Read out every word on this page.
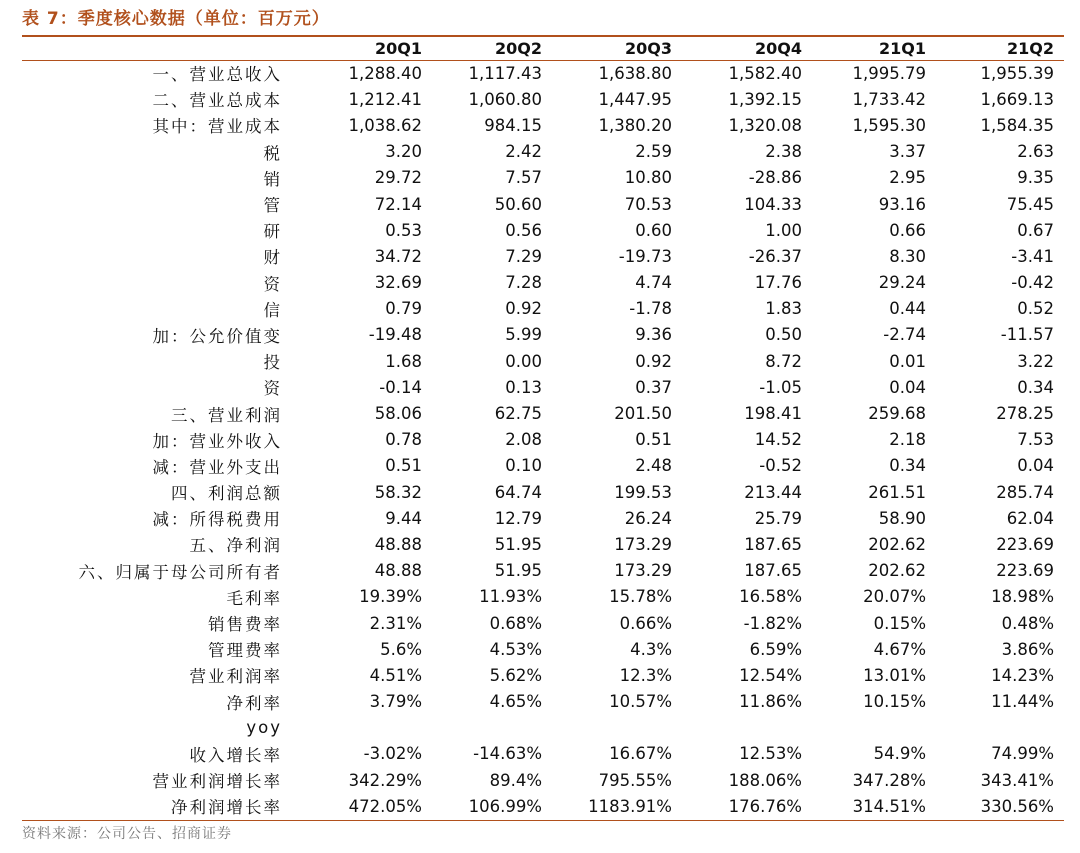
表 7：季度核心数据（单位：百万元）
	20Q1	20Q2	20Q3	20Q4	21Q1	21Q2
一、营业总收入	1,288.40	1,117.43	1,638.80	1,582.40	1,995.79	1,955.39
二、营业总成本	1,212.41	1,060.80	1,447.95	1,392.15	1,733.42	1,669.13
其中：营业成本	1,038.62	984.15	1,380.20	1,320.08	1,595.30	1,584.35
税	3.20	2.42	2.59	2.38	3.37	2.63
销	29.72	7.57	10.80	-28.86	2.95	9.35
管	72.14	50.60	70.53	104.33	93.16	75.45
研	0.53	0.56	0.60	1.00	0.66	0.67
财	34.72	7.29	-19.73	-26.37	8.30	-3.41
资	32.69	7.28	4.74	17.76	29.24	-0.42
信	0.79	0.92	-1.78	1.83	0.44	0.52
加：公允价值变	-19.48	5.99	9.36	0.50	-2.74	-11.57
投	1.68	0.00	0.92	8.72	0.01	3.22
资	-0.14	0.13	0.37	-1.05	0.04	0.34
三、营业利润	58.06	62.75	201.50	198.41	259.68	278.25
加：营业外收入	0.78	2.08	0.51	14.52	2.18	7.53
减：营业外支出	0.51	0.10	2.48	-0.52	0.34	0.04
四、利润总额	58.32	64.74	199.53	213.44	261.51	285.74
减：所得税费用	9.44	12.79	26.24	25.79	58.90	62.04
五、净利润	48.88	51.95	173.29	187.65	202.62	223.69
六、归属于母公司所有者	48.88	51.95	173.29	187.65	202.62	223.69
毛利率	19.39%	11.93%	15.78%	16.58%	20.07%	18.98%
销售费率	2.31%	0.68%	0.66%	-1.82%	0.15%	0.48%
管理费率	5.6%	4.53%	4.3%	6.59%	4.67%	3.86%
营业利润率	4.51%	5.62%	12.3%	12.54%	13.01%	14.23%
净利率	3.79%	4.65%	10.57%	11.86%	10.15%	11.44%
yoy						
收入增长率	-3.02%	-14.63%	16.67%	12.53%	54.9%	74.99%
营业利润增长率	342.29%	89.4%	795.55%	188.06%	347.28%	343.41%
净利润增长率	472.05%	106.99%	1183.91%	176.76%	314.51%	330.56%
资料来源：公司公告、招商证券
